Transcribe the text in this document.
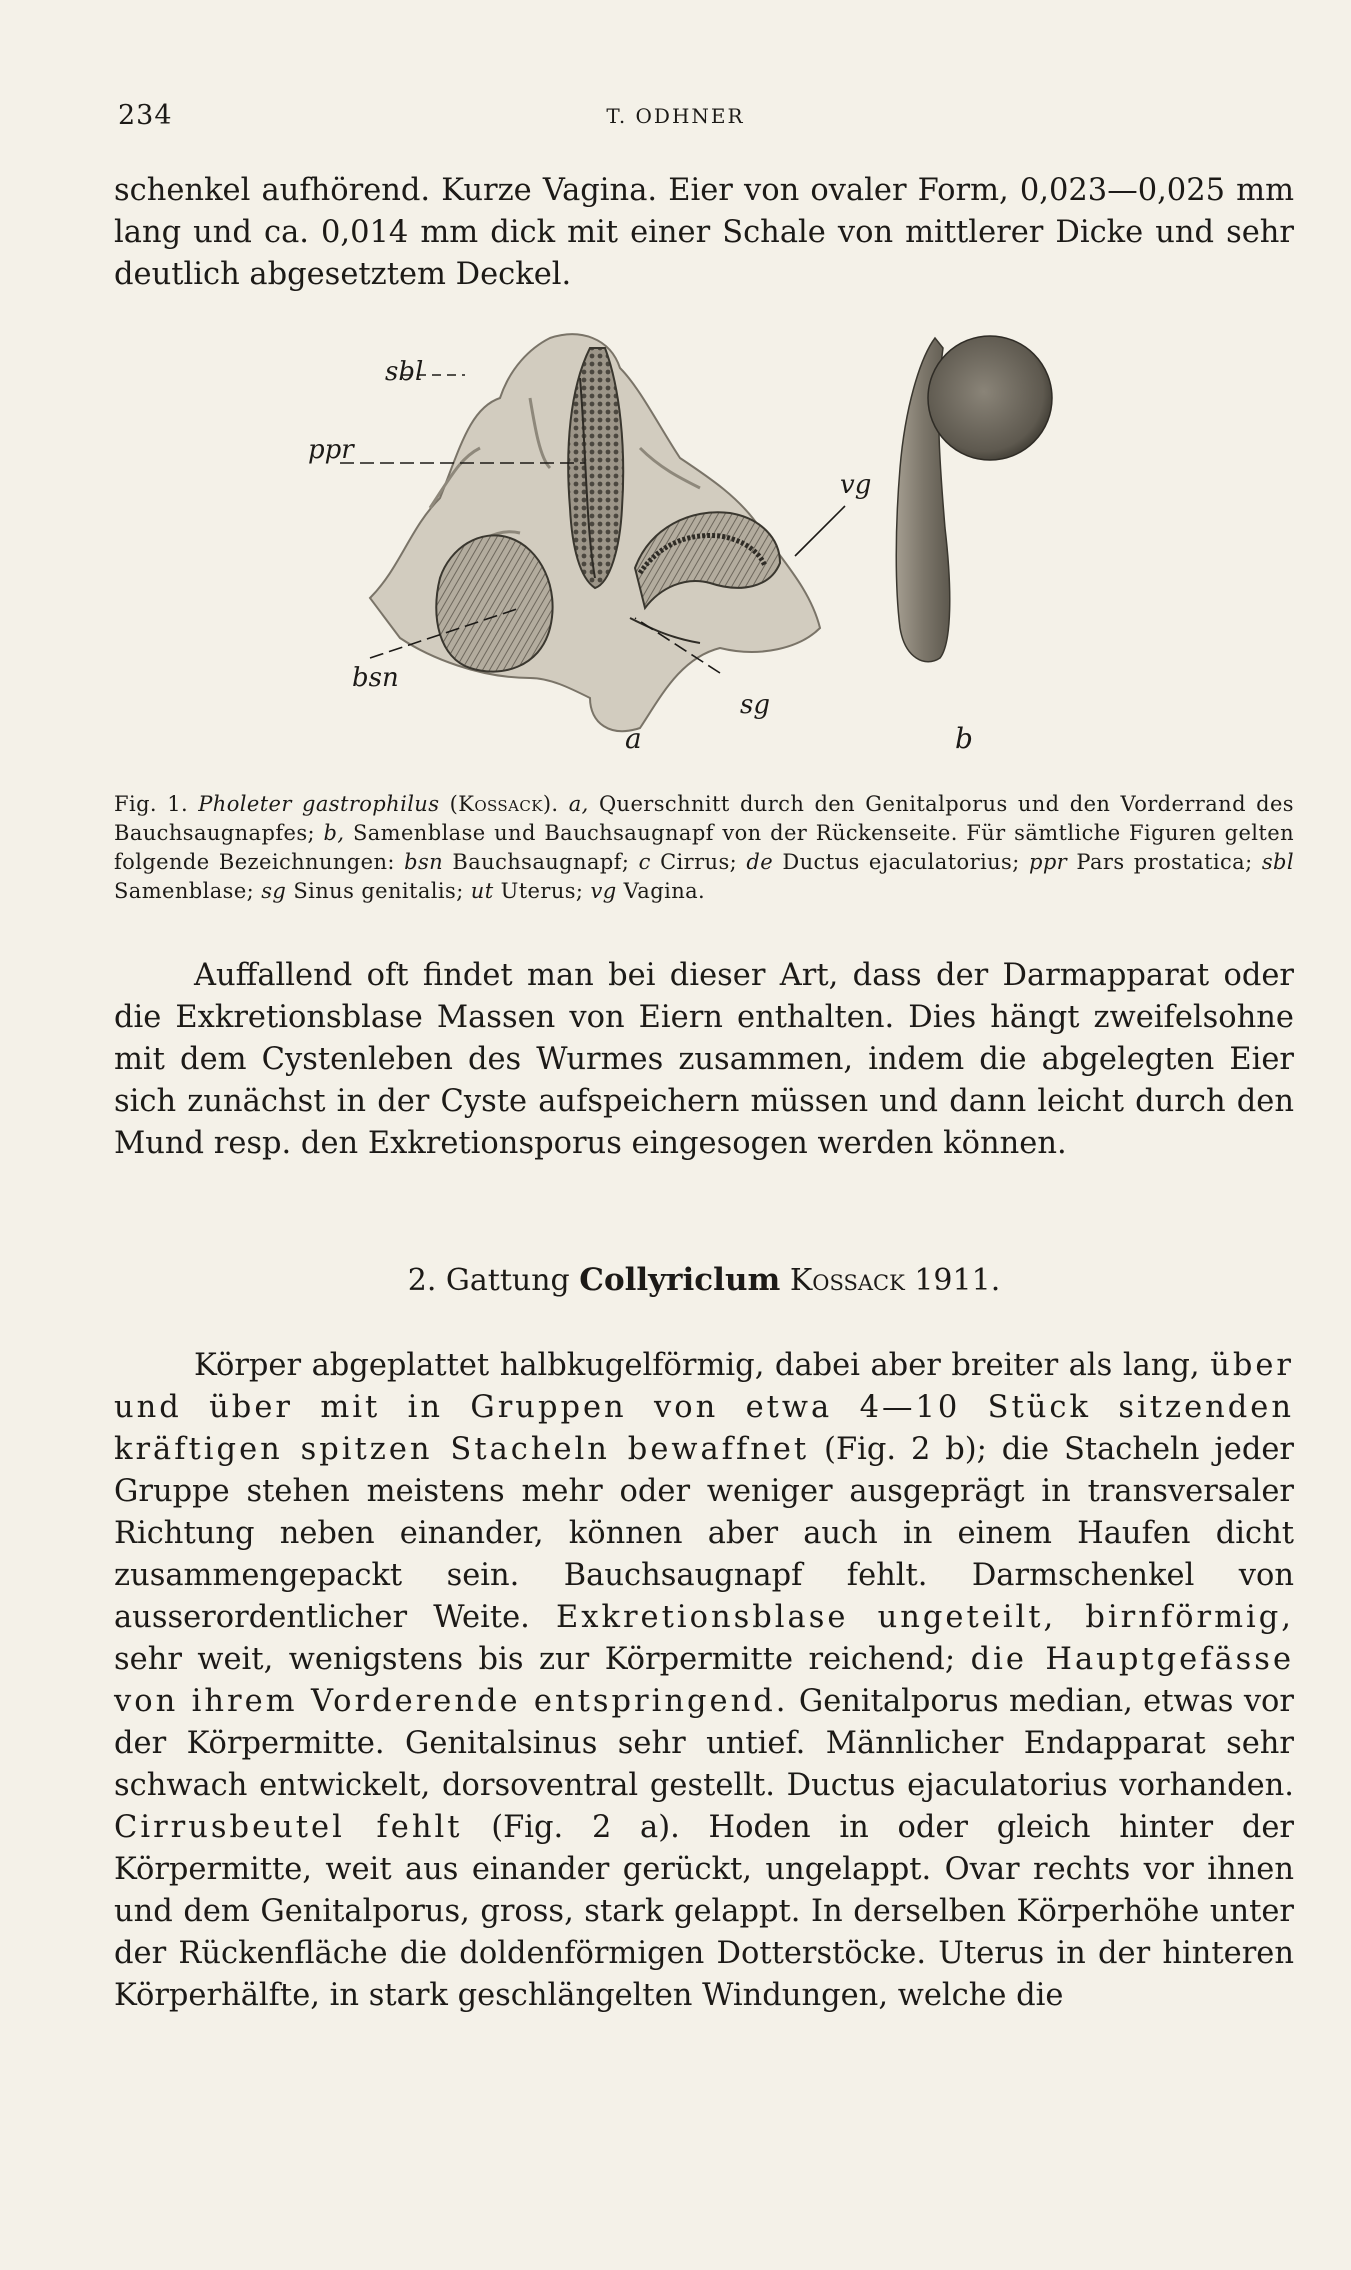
234	T. ODHNER

schenkel aufhörend. Kurze Vagina. Eier von ovaler Form, 0,023—0,025 mm lang und ca. 0,014 mm dick mit einer Schale von mittlerer Dicke und sehr deutlich abgesetztem Deckel.

sbl
ppr
vg
bsn
sg
a	b
Fig. 1. Pholeter gastrophilus (Kossack). a, Querschnitt durch den Genitalporus und den Vorderrand des Bauchsaugnapfes; b, Samenblase und Bauchsaugnapf von der Rückenseite. Für sämtliche Figuren gelten folgende Bezeichnungen: bsn Bauchsaugnapf; c Cirrus; de Ductus ejaculatorius; ppr Pars prostatica; sbl Samenblase; sg Sinus genitalis; ut Uterus; vg Vagina.

Auffallend oft findet man bei dieser Art, dass der Darmapparat oder die Exkretionsblase Massen von Eiern enthalten. Dies hängt zweifelsohne mit dem Cystenleben des Wurmes zusammen, indem die abgelegten Eier sich zunächst in der Cyste aufspeichern müssen und dann leicht durch den Mund resp. den Exkretionsporus eingesogen werden können.

2. Gattung Collyriclum Kossack 1911.

Körper abgeplattet halbkugelförmig, dabei aber breiter als lang, über und über mit in Gruppen von etwa 4—10 Stück sitzenden kräftigen spitzen Stacheln bewaffnet (Fig. 2 b); die Stacheln jeder Gruppe stehen meistens mehr oder weniger ausgeprägt in transversaler Richtung neben einander, können aber auch in einem Haufen dicht zusammengepackt sein. Bauchsaugnapf fehlt. Darmschenkel von ausserordentlicher Weite. Exkretionsblase ungeteilt, birnförmig, sehr weit, wenigstens bis zur Körpermitte reichend; die Hauptgefässe von ihrem Vorderende entspringend. Genitalporus median, etwas vor der Körpermitte. Genitalsinus sehr untief. Männlicher Endapparat sehr schwach entwickelt, dorsoventral gestellt. Ductus ejaculatorius vorhanden. Cirrusbeutel fehlt (Fig. 2 a). Hoden in oder gleich hinter der Körpermitte, weit aus einander gerückt, ungelappt. Ovar rechts vor ihnen und dem Genitalporus, gross, stark gelappt. In derselben Körperhöhe unter der Rückenfläche die doldenförmigen Dotterstöcke. Uterus in der hinteren Körperhälfte, in stark geschlängelten Windungen, welche die
